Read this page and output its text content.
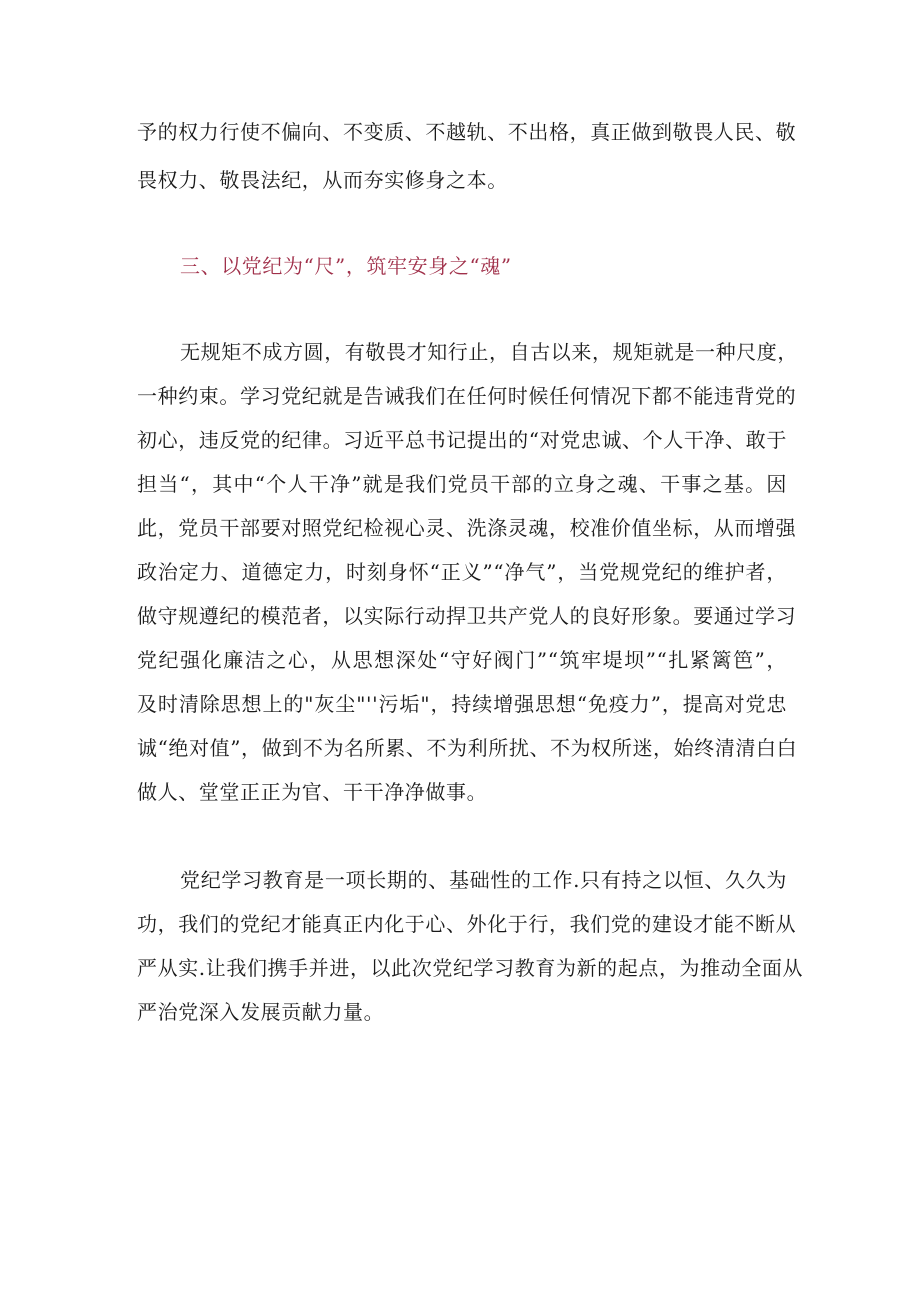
予的权力行使不偏向、不变质、不越轨、不出格，真正做到敬畏人民、敬
畏权力、敬畏法纪，从而夯实修身之本。
三、以党纪为“尺”，筑牢安身之“魂”
无规矩不成方圆，有敬畏才知行止，自古以来，规矩就是一种尺度，
一种约束。学习党纪就是告诫我们在任何时候任何情况下都不能违背党的
初心，违反党的纪律。习近平总书记提出的“对党忠诚、个人干净、敢于
担当“，其中“个人干净”就是我们党员干部的立身之魂、干事之基。因
此，党员干部要对照党纪检视心灵、洗涤灵魂，校准价值坐标，从而增强
政治定力、道德定力，时刻身怀“正义”“净气”，当党规党纪的维护者，
做守规遵纪的模范者，以实际行动捍卫共产党人的良好形象。要通过学习
党纪强化廉洁之心，从思想深处“守好阀门”“筑牢堤坝”“扎紧篱笆”，
及时清除思想上的"灰尘"''污垢"，持续增强思想“免疫力”，提高对党忠
诚“绝对值”，做到不为名所累、不为利所扰、不为权所迷，始终清清白白
做人、堂堂正正为官、干干净净做事。
党纪学习教育是一项长期的、基础性的工作.只有持之以恒、久久为
功，我们的党纪才能真正内化于心、外化于行，我们党的建设才能不断从
严从实.让我们携手并进，以此次党纪学习教育为新的起点，为推动全面从
严治党深入发展贡献力量。
